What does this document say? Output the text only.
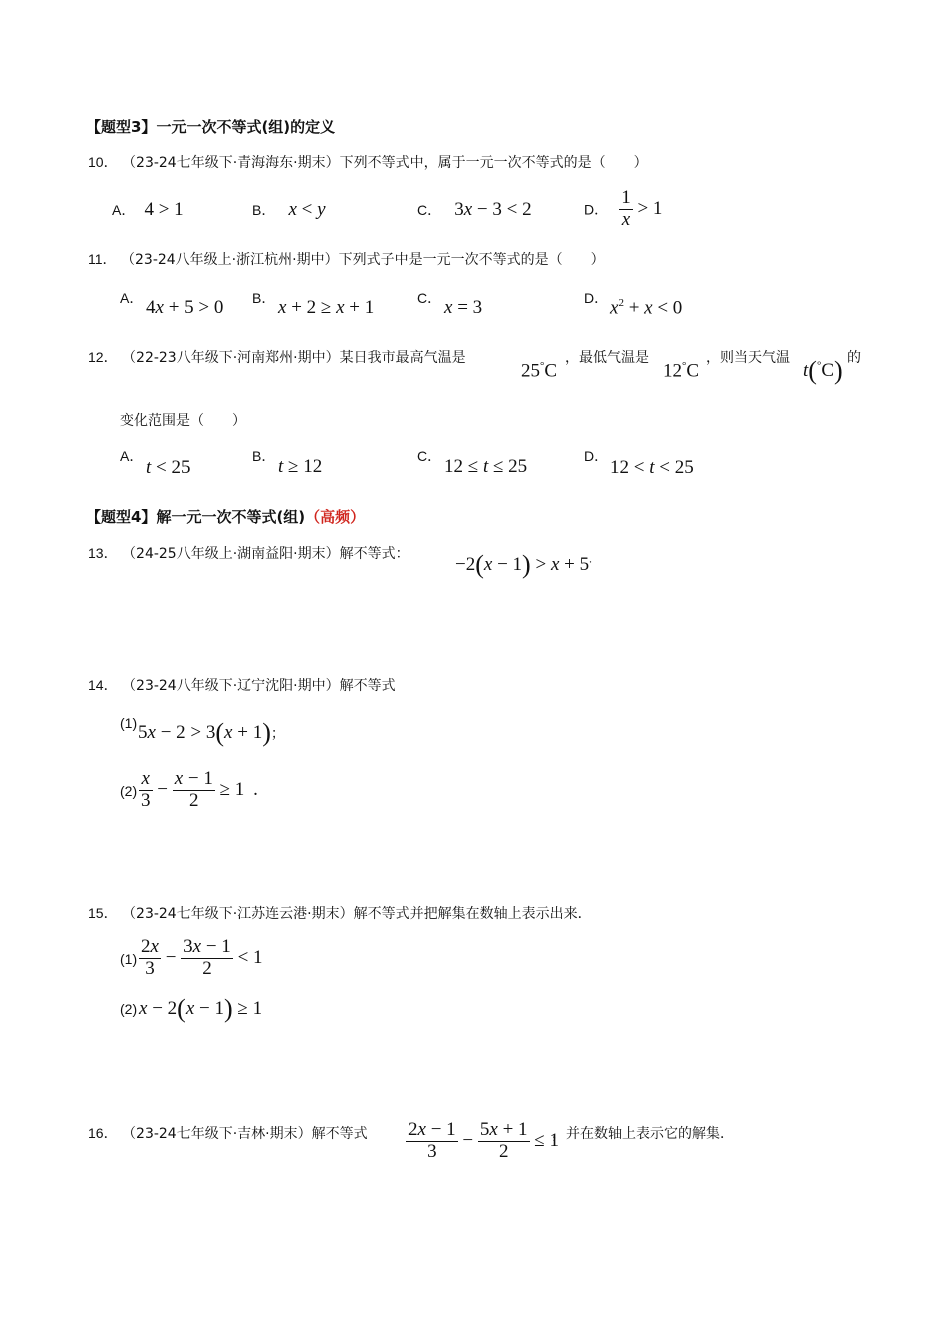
【题型3】一元一次不等式(组)的定义
10． （23-24七年级下·青海海东·期末）下列不等式中，属于一元一次不等式的是（　　）
A． 4 > 1	B． x < y	C． 3x − 3 < 2	D． $\frac{1}{x} > 1$
11． （23-24八年级上·浙江杭州·期中）下列式子中是一元一次不等式的是（　　）
A． 4x + 5 > 0 B． x + 2 ≥ x + 1	C． x = 3	D． $x^2 + x < 0$
12． （22-23八年级下·河南郑州·期中）某日我市最高气温是
25°C
，最低气温是
12°C
，则当天气温
t(°C) 的
变化范围是（　　）
A．
t < 25
B． t ≥ 12	C． 12 ≤ t ≤ 25	D．
12 < t < 25
【题型4】解一元一次不等式(组)（高频）
13． （24-25八年级上·湖南益阳·期末）解不等式： −2(x − 1) > x + 5.
14． （23-24八年级下·辽宁沈阳·期中）解不等式
(1) 5x − 2 > 3(x + 1)；
$(2) \frac{x}{3} - \frac{x - 1}{2} \ge 1$ .
15． （23-24七年级下·江苏连云港·期末）解不等式并把解集在数轴上表示出来．
$(1) \frac{2x}{3} - \frac{3x - 1}{2} < 1$
(2) x − 2(x − 1) ≥ 1
16． （23-24七年级下·吉林·期末）解不等式 $\frac{2x - 1}{3} - \frac{5x + 1}{2} \le 1$
，并在数轴上表示它的解集．
